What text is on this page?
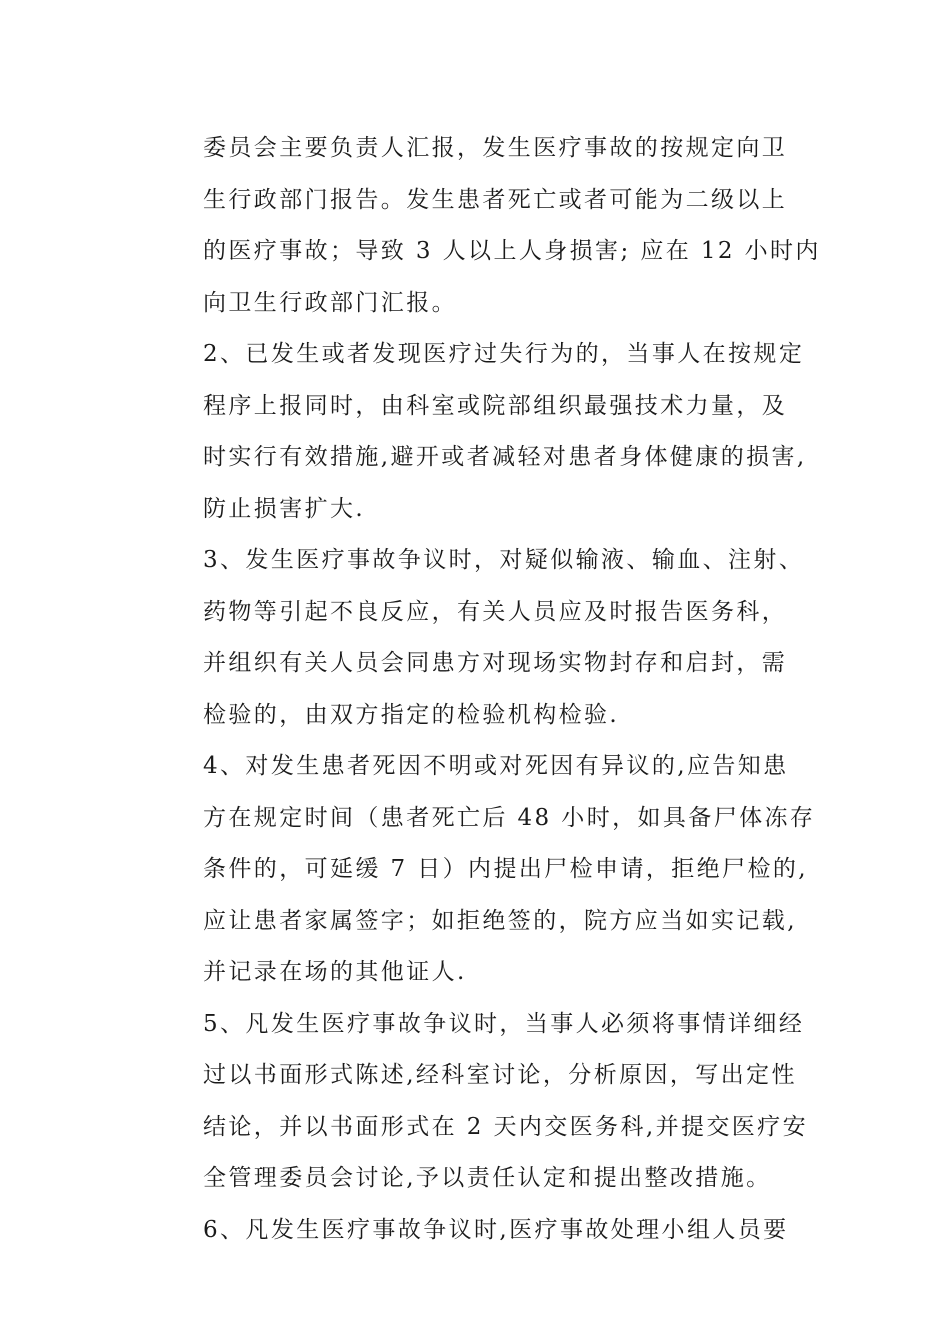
委员会主要负责人汇报，发生医疗事故的按规定向卫
生行政部门报告。发生患者死亡或者可能为二级以上
的医疗事故；导致 3 人以上人身损害; 应在 12 小时内
向卫生行政部门汇报。
2、已发生或者发现医疗过失行为的，当事人在按规定
程序上报同时，由科室或院部组织最强技术力量，及
时实行有效措施,避开或者减轻对患者身体健康的损害,
防止损害扩大.
3、发生医疗事故争议时，对疑似输液、输血、注射、
药物等引起不良反应，有关人员应及时报告医务科，
并组织有关人员会同患方对现场实物封存和启封，需
检验的，由双方指定的检验机构检验.
4、对发生患者死因不明或对死因有异议的,应告知患
方在规定时间（患者死亡后 48 小时，如具备尸体冻存
条件的，可延缓 7 日）内提出尸检申请，拒绝尸检的,
应让患者家属签字；如拒绝签的，院方应当如实记载,
并记录在场的其他证人.
5、凡发生医疗事故争议时，当事人必须将事情详细经
过以书面形式陈述,经科室讨论，分析原因，写出定性
结论，并以书面形式在 2 天内交医务科,并提交医疗安
全管理委员会讨论,予以责任认定和提出整改措施。
6、凡发生医疗事故争议时,医疗事故处理小组人员要
